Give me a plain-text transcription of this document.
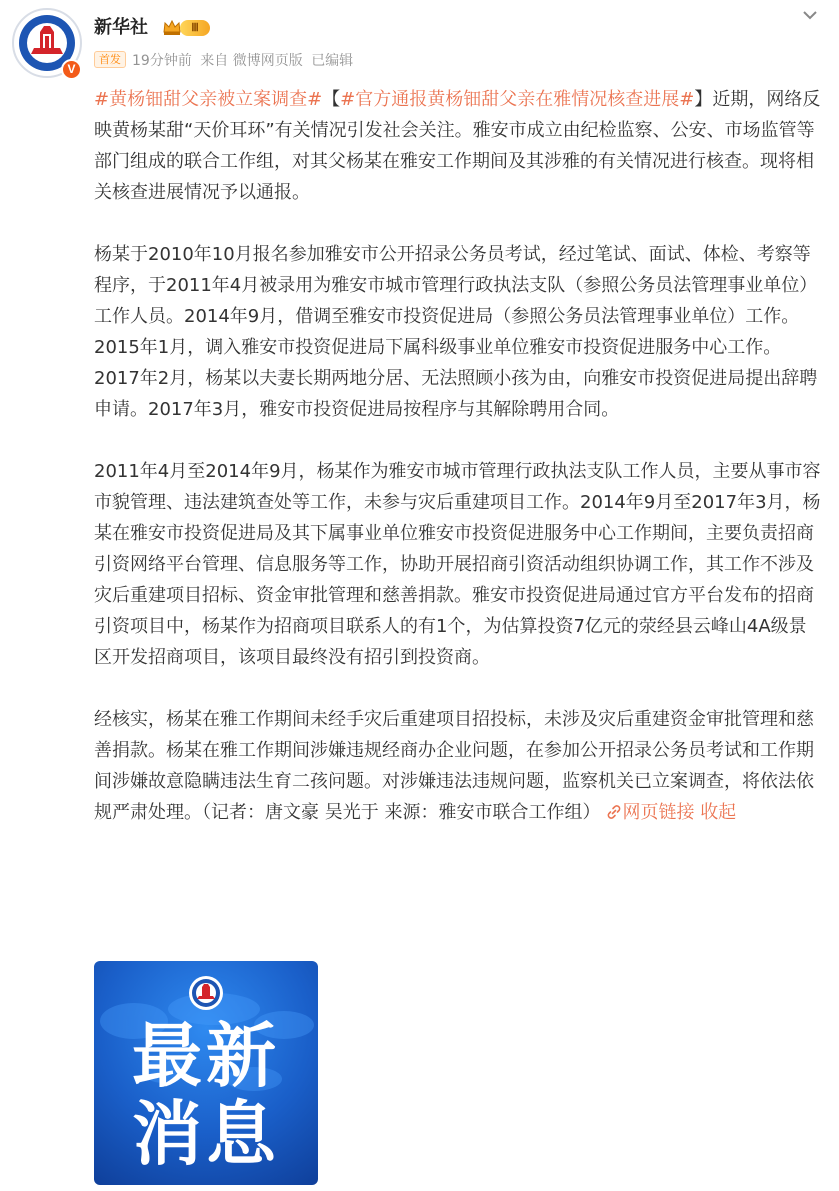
V
新华社	Ⅲ
首发 19分钟前 来自 微博网页版 已编辑

#黄杨钿甜父亲被立案调查#【#官方通报黄杨钿甜父亲在雅情况核查进展#】近期，网络反映黄杨某甜“天价耳环”有关情况引发社会关注。雅安市成立由纪检监察、公安、市场监管等部门组成的联合工作组，对其父杨某在雅安工作期间及其涉雅的有关情况进行核查。现将相关核查进展情况予以通报。

杨某于2010年10月报名参加雅安市公开招录公务员考试，经过笔试、面试、体检、考察等程序，于2011年4月被录用为雅安市城市管理行政执法支队（参照公务员法管理事业单位）工作人员。2014年9月，借调至雅安市投资促进局（参照公务员法管理事业单位）工作。2015年1月，调入雅安市投资促进局下属科级事业单位雅安市投资促进服务中心工作。2017年2月，杨某以夫妻长期两地分居、无法照顾小孩为由，向雅安市投资促进局提出辞聘申请。2017年3月，雅安市投资促进局按程序与其解除聘用合同。

2011年4月至2014年9月，杨某作为雅安市城市管理行政执法支队工作人员，主要从事市容市貌管理、违法建筑查处等工作，未参与灾后重建项目工作。2014年9月至2017年3月，杨某在雅安市投资促进局及其下属事业单位雅安市投资促进服务中心工作期间，主要负责招商引资网络平台管理、信息服务等工作，协助开展招商引资活动组织协调工作，其工作不涉及灾后重建项目招标、资金审批管理和慈善捐款。雅安市投资促进局通过官方平台发布的招商引资项目中，杨某作为招商项目联系人的有1个，为估算投资7亿元的荥经县云峰山4A级景区开发招商项目，该项目最终没有招引到投资商。

经核实，杨某在雅工作期间未经手灾后重建项目招投标，未涉及灾后重建资金审批管理和慈善捐款。杨某在雅工作期间涉嫌违规经商办企业问题，在参加公开招录公务员考试和工作期间涉嫌故意隐瞒违法生育二孩问题。对涉嫌违法违规问题，监察机关已立案调查，将依法依规严肃处理。（记者：唐文豪 吴光于 来源：雅安市联合工作组） 网页链接 收起

最新
消息
